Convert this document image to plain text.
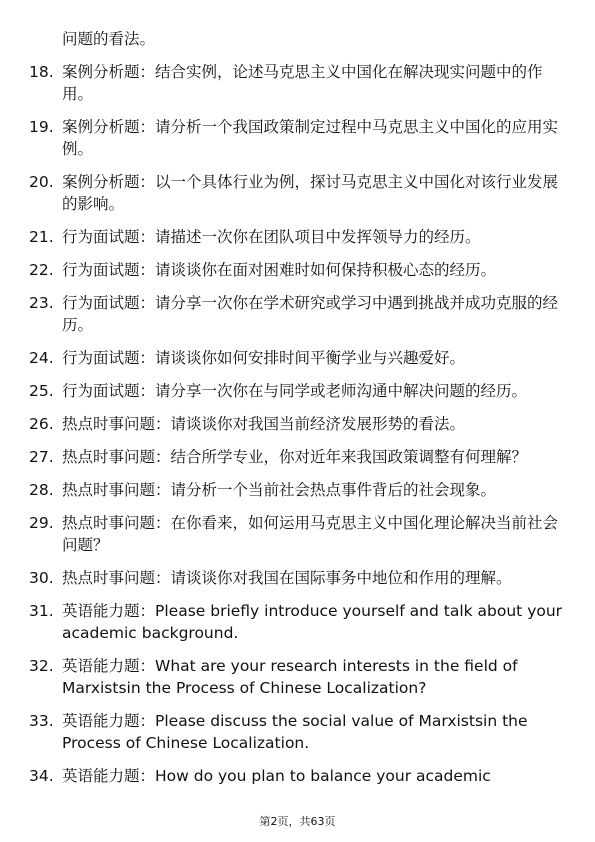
问题的看法。
18. 案例分析题：结合实例，论述马克思主义中国化在解决现实问题中的作用。
19. 案例分析题：请分析一个我国政策制定过程中马克思主义中国化的应用实例。
20. 案例分析题：以一个具体行业为例，探讨马克思主义中国化对该行业发展的影响。
21. 行为面试题：请描述一次你在团队项目中发挥领导力的经历。
22. 行为面试题：请谈谈你在面对困难时如何保持积极心态的经历。
23. 行为面试题：请分享一次你在学术研究或学习中遇到挑战并成功克服的经历。
24. 行为面试题：请谈谈你如何安排时间平衡学业与兴趣爱好。
25. 行为面试题：请分享一次你在与同学或老师沟通中解决问题的经历。
26. 热点时事问题：请谈谈你对我国当前经济发展形势的看法。
27. 热点时事问题：结合所学专业，你对近年来我国政策调整有何理解？
28. 热点时事问题：请分析一个当前社会热点事件背后的社会现象。
29. 热点时事问题：在你看来，如何运用马克思主义中国化理论解决当前社会问题？
30. 热点时事问题：请谈谈你对我国在国际事务中地位和作用的理解。
31. 英语能力题：Please briefly introduce yourself and talk about your academic background.
32. 英语能力题：What are your research interests in the field of Marxistsin the Process of Chinese Localization?
33. 英语能力题：Please discuss the social value of Marxistsin the Process of Chinese Localization.
34. 英语能力题：How do you plan to balance your academic
第2页，共63页
